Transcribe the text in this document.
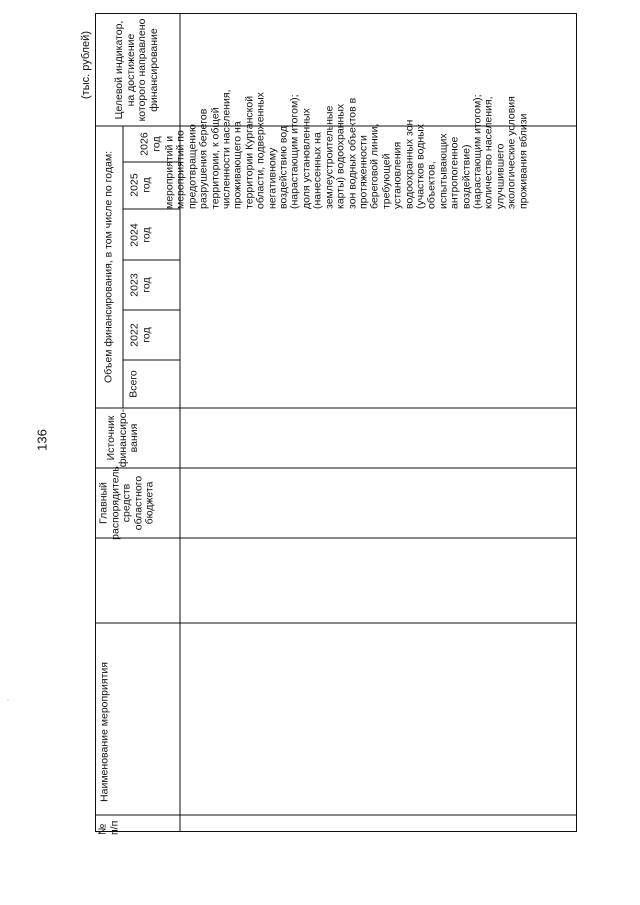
136
(тыс. рублей)
·
Целевой индикатор, на достижение которого направлено финансирование
Объем финансирования, в том числе по годам:
2026
год
2025
год
2024
год
2023
год
2022
год
Всего
Источник финансиро-вания
Главный распорядитель средств областного бюджета
Наименование мероприятия
№
п/п
мероприятий и
мероприятий по
предотвращению
разрушения берегов
территории, к общей
численности населения,
проживающего на
территории Курганской
области, подверженных
негативному
воздействию вод
(нарастающим итогом);
доля установленных
(нанесенных на
землеустроительные
карты) водоохранных
зон водных объектов в
протяженности
береговой линии,
требующей
установления
водоохранных зон
(участков водных
объектов,
испытывающих
антропогенное
воздействие)
(нарастающим итогом);
количество населения,
улучшившего
экологические условия
проживания вблизи
